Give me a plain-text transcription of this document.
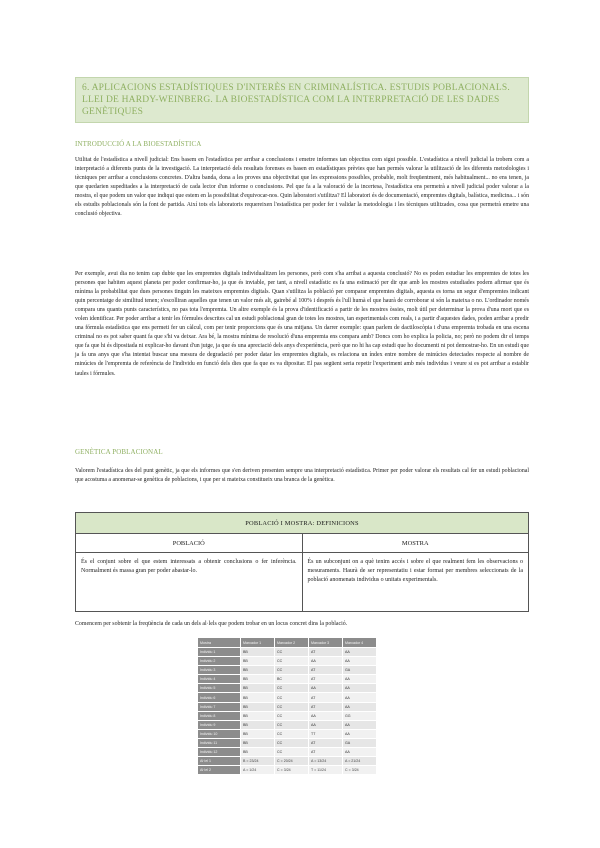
6. APLICACIONS ESTADÍSTIQUES D'INTERÈS EN CRIMINALÍSTICA. ESTUDIS POBLACIONALS. LLEI DE HARDY-WEINBERG. LA BIOESTADÍSTICA COM LA INTERPRETACIÓ DE LES DADES GENÈTIQUES

INTRODUCCIÓ A LA BIOESTADÍSTICA

Utilitat de l'estadística a nivell judicial: Ens basem en l'estadística per arribar a conclusions i emetre informes tan objectius com sigui possible. L'estadística a nivell judicial la trobem com a interpretació a diferents punts de la investigació. La interpretació dels resultats forenses es basen en estadístiques prèvies que han permès valorar la utilització de les diferents metodologies i tècniques per arribar a conclusions concretes. D'altra banda, dona a les proves una objectivitat que les expressions possibles, probable, molt freqüentment, més habitualment... no ens tenen, ja que quedarien supeditades a la interpretació de cada lector d'un informe o conclusions. Pel que fa a la valoració de la incertesa, l'estadística ens permetrà a nivell judicial poder valorar a la mostra, el que podem un valor que indiqui que estem en la possibilitat d'equivocar-nos. Quin laboratori s'utilitza? El laboratori és de documentació, empremtes digitals, balística, medicina... i són els estudis poblacionals són la font de partida. Així tots els laboratoris requereixen l'estadística per poder fer i validar la metodologia i les tècniques utilitzades, cosa que permetrà emetre una conclusió objectiva.

Per exemple, avui dia no tenim cap dubte que les empremtes digitals individualitzen les persones, però com s'ha arribat a aquesta conclusió? No es poden estudiar les empremtes de totes les persones que habiten aquest planeta per poder confirmar-ho, ja que és inviable, per tant, a nivell estadístic es fa una estimació per dir que amb les mostres estudiades podem afirmar que és mínima la probabilitat que dues persones tinguin les mateixes empremtes digitals. Quan s'utilitza la població per comparar empremtes digitals, aquesta es torna un segur d'empremtes indicant quin percentatge de similitud tenen; s'escolliran aquelles que tenen un valor més alt, gairebé al 100% i després és l'ull humà el que haurà de corroborar si són la mateixa o no. L'ordinador només compara uns quants punts característics, no pas tota l'empremta. Un altre exemple és la prova d'identificació a partir de les mostres òssies, molt útil per determinar la prova d'una mort que es volen identificar. Per poder arribar a tenir les fórmules descrites cal un estudi poblacional gran de totes les mostres, tan esperimentals com reals, i a partir d'aquestes dades, poden arribar a predir una fórmula estadística que ens permeti fer un càlcul, com per tenir proporcions que és una mitjana. Un darrer exemple: quan parlem de dactiloscòpia i d'una empremta trobada en una escena criminal no es pot saber quant fa que s'hi va deixar. Ara bé, la mostra mínima de resolució d'una empremta ens compara amb? Doncs com ho explica la policia, no; però no podem dir el temps que fa que hi és dipositada ni explicar-ho davant d'un jutge, ja que és una apreciació dels anys d'experiència, però que no hi ha cap estudi que ho documenti ni pot demostrar-ho. En un estudi que ja fa uns anys que s'ha intentat buscar una mesura de degradació per poder datar les empremtes digitals, es relaciona un índex entre nombre de minúcies detectades respecte al nombre de minúcies de l'empremta de referència de l'individu en funció dels dies que fa que es va dipositar. El pas següent seria repetir l'experiment amb més individus i veure si es pot arribar a establir taules i fórmules.

GENÈTICA POBLACIONAL

Valorem l'estadística des del punt genètic, ja que els informes que s'en deriven presenten sempre una interpretació estadística. Primer per poder valorar els resultats cal fer un estudi poblacional que acostuma a anomenar-se genètica de poblacions, i que per si mateixa constitueix una branca de la genètica.

POBLACIÓ I MOSTRA: DEFINICIONS	
POBLACIÓ	MOSTRA
És el conjunt sobre el que estem interessats a obtenir conclusions o fer inferència. Normalment és massa gran per poder abastar-lo.	És un subconjunt on a què tenim accés i sobre el que realment fem les observacions o mesuraments. Haurà de ser representatiu i estar format per membres seleccionats de la població anomenats individus o unitats experimentals.

Comencem per sobtenir la freqüència de cada un dels al·lels que podem trobar en un locus concret dins la població.

Mostra	Marcador 1	Marcador 2	Marcador 3	Marcador 4
Individu 1	BB	CC	AT	AA
Individu 2	BB	CC	AA	AA
Individu 3	BB	CC	AT	GA
Individu 4	BB	BC	AT	AA
Individu 5	BB	CC	AA	AA
Individu 6	BB	CC	AT	AA
Individu 7	BB	CC	AT	AA
Individu 8	BB	CC	AA	GG
Individu 9	BB	CC	AA	AA
Individu 10	BB	CC	TT	AA
Individu 11	BB	CC	AT	GA
Individu 12	BB	CC	AT	AA
Al·lel 1	B = 23/24	C = 20/24	A = 13/24	A = 21/24
Al·lel 2	A = 1/24	C = 3/24	T = 11/24	C = 3/24
